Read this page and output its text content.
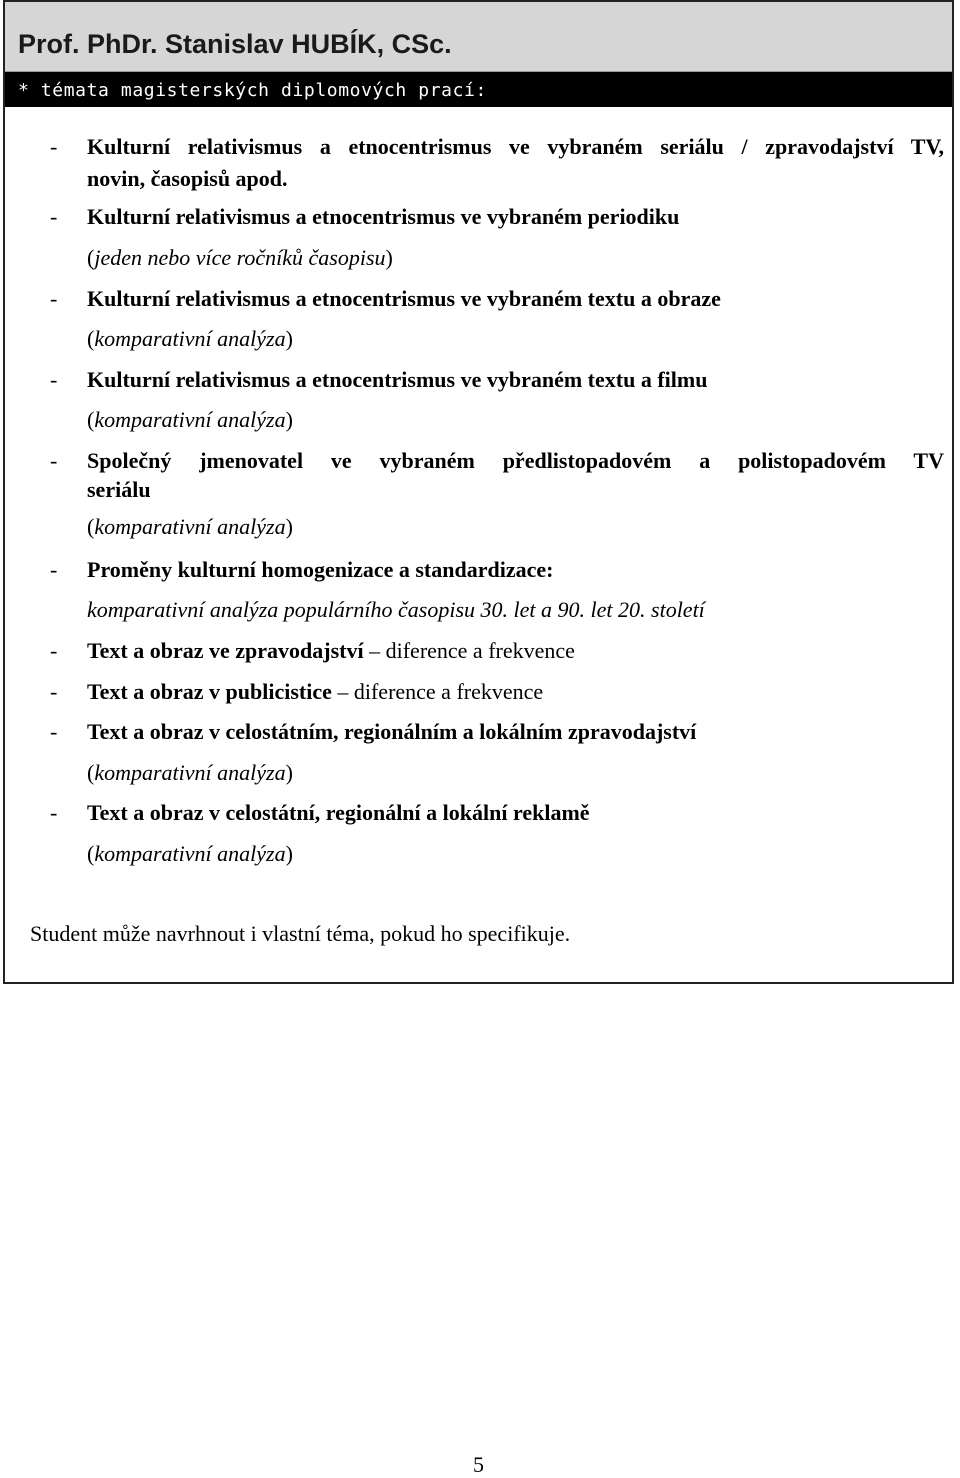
Prof. PhDr. Stanislav HUBÍK, CSc.
* témata magisterských diplomových prací:
- Kulturní relativismus a etnocentrismus ve vybraném seriálu / zpravodajství TV,
novin, časopisů apod.
- Kulturní relativismus a etnocentrismus ve vybraném periodiku
(jeden nebo více ročníků časopisu)
- Kulturní relativismus a etnocentrismus ve vybraném textu a obraze
(komparativní analýza)
- Kulturní relativismus a etnocentrismus ve vybraném textu a filmu
(komparativní analýza)
- Společný jmenovatel ve vybraném předlistopadovém a polistopadovém TV
seriálu
(komparativní analýza)
- Proměny kulturní homogenizace a standardizace:
komparativní analýza populárního časopisu 30. let a 90. let 20. století
- Text a obraz ve zpravodajství – diference a frekvence
- Text a obraz v publicistice – diference a frekvence
- Text a obraz v celostátním, regionálním a lokálním zpravodajství
(komparativní analýza)
- Text a obraz v celostátní, regionální a lokální reklamě
(komparativní analýza)
Student může navrhnout i vlastní téma, pokud ho specifikuje.
5
